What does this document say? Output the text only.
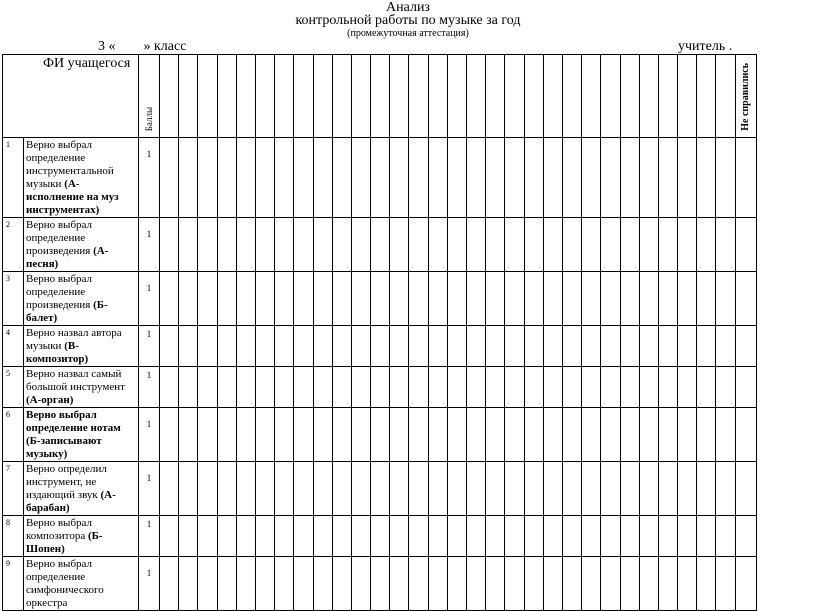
Анализ
контрольной работы по музыке за год
(промежуточная аттестация)
3 « » класс	учитель .
ФИ учащегося		Баллы																															Не справились
1	Верно выбрал определение инструментальной музыки (А-исполнение на муз инструментах)	1																															
2	Верно выбрал определение произведения (А-песня)	1																															
3	Верно выбрал определение произведения (Б-балет)	1																															
4	Верно назвал автора музыки (В-композитор)	1																															
5	Верно назвал самый большой инструмент (А-орган)	1																															
6	Верно выбрал определение нотам (Б-записывают музыку)	1																															
7	Верно определил инструмент, не издающий звук (А-барабан)	1																															
8	Верно выбрал композитора (Б-Шопен)	1																															
9	Верно выбрал определение симфонического оркестра	1																															
